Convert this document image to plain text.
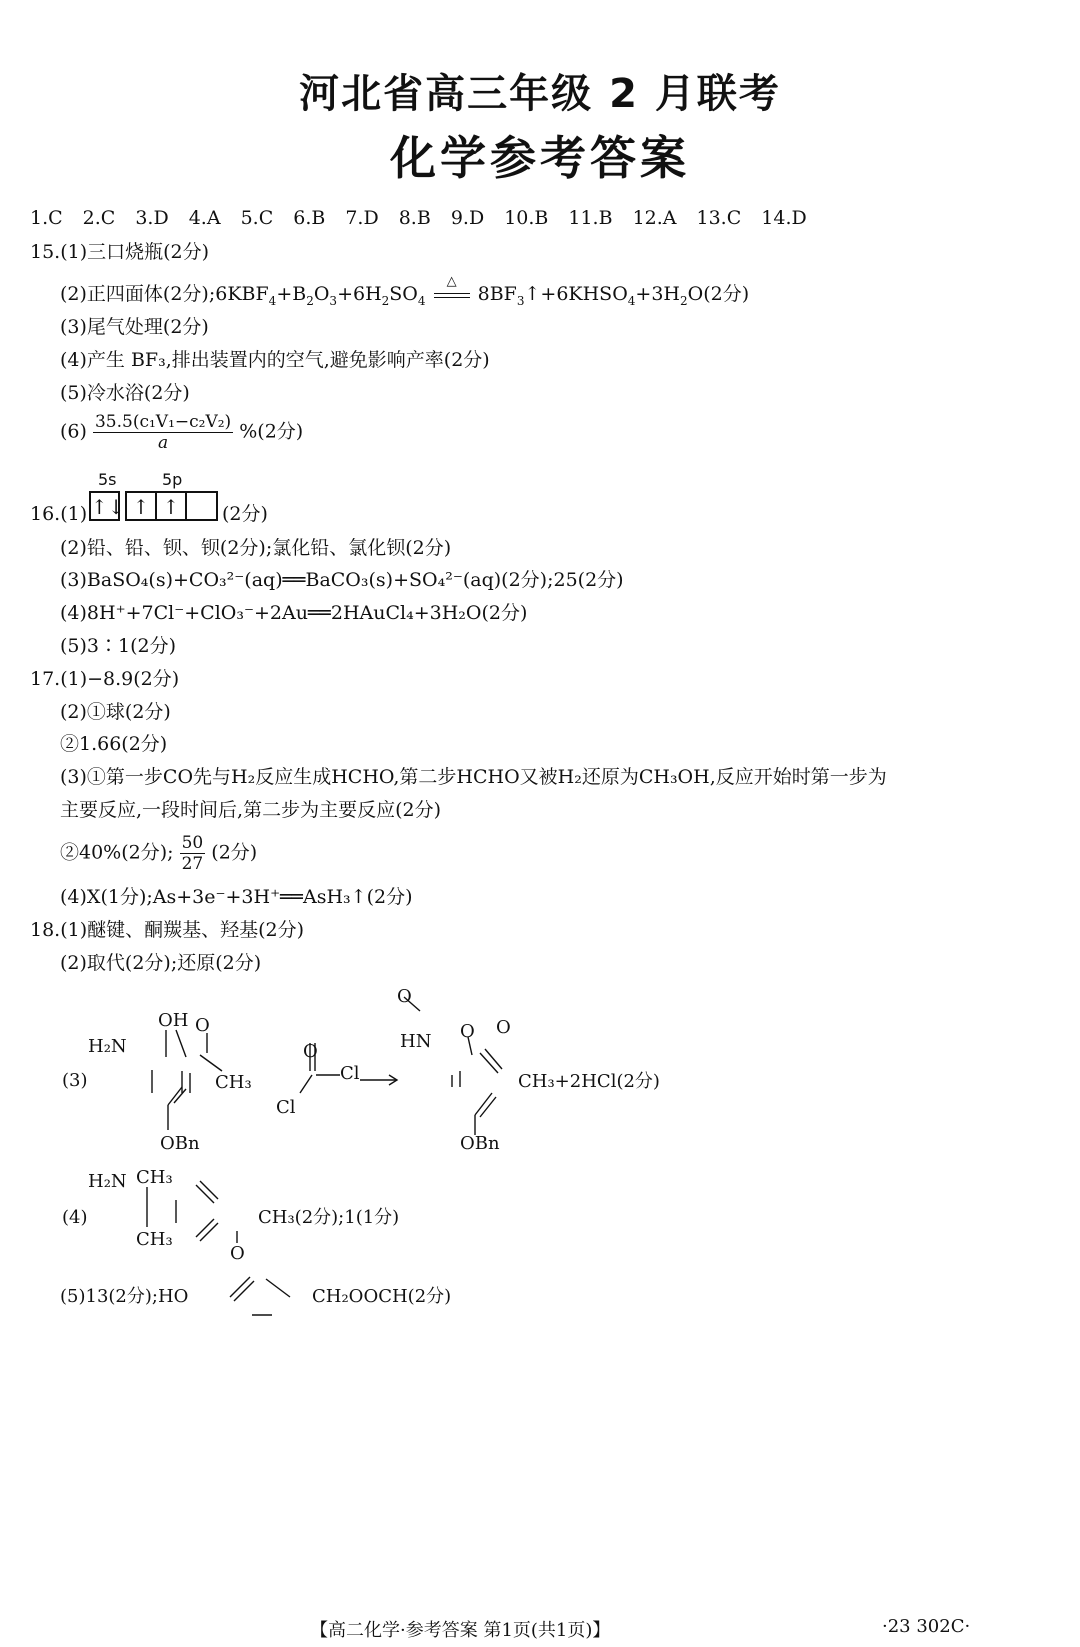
河北省高三年级 2 月联考
化学参考答案
1.C 2.C 3.D 4.A 5.C 6.B 7.D 8.B 9.D 10.B 11.B 12.A 13.C 14.D
15.(1)三口烧瓶(2分)
(2)正四面体(2分)$;6KBF_4+B_2O_3+6H_2SO_4$
△
$8BF_3↑+6KHSO_4+3H_2O(2$分)
(3)尾气处理(2分)
(4)产生 BF₃,排出装置内的空气,避免影响产率(2分)
(5)冷水浴(2分)
$(6) \frac{\text{35.5(c₁V₁−c₂V₂)}}{a} \%(2$分)
5s	5p
↑↓ ↑ ↑
16.(1)	(2分)
(2)铅、铅、钡、钡(2分);氯化铅、氯化钡(2分)
(3)BaSO₄(s)+CO₃²⁻(aq)══BaCO₃(s)+SO₄²⁻(aq)(2分);25(2分)
(4)8H⁺+7Cl⁻+ClO₃⁻+2Au══2HAuCl₄+3H₂O(2分)
(5)3∶1(2分)
17.(1)−8.9(2分)
(2)①球(2分)
②1.66(2分)
(3)①第一步CO先与H₂反应生成HCHO,第二步HCHO又被H₂还原为CH₃OH,反应开始时第一步为
主要反应,一段时间后,第二步为主要反应(2分)
②40%(2分); $\frac{50}{27} (2$分)
(4)X(1分);As+3e⁻+3H⁺══AsH₃↑(2分)
18.(1)醚键、酮羰基、羟基(2分)
(2)取代(2分);还原(2分)
(3)
H₂N
OH O
CH₃
OBn
O
Cl
Cl
O
HN O O
CH₃+2HCl(2分)
OBn
(4)
H₂N CH₃
CH₃
O
CH₃(2分);1(1分)
(5)13(2分);HO	CH₂OOCH(2分)
【高二化学·参考答案 第1页(共1页)】	·23 302C·
